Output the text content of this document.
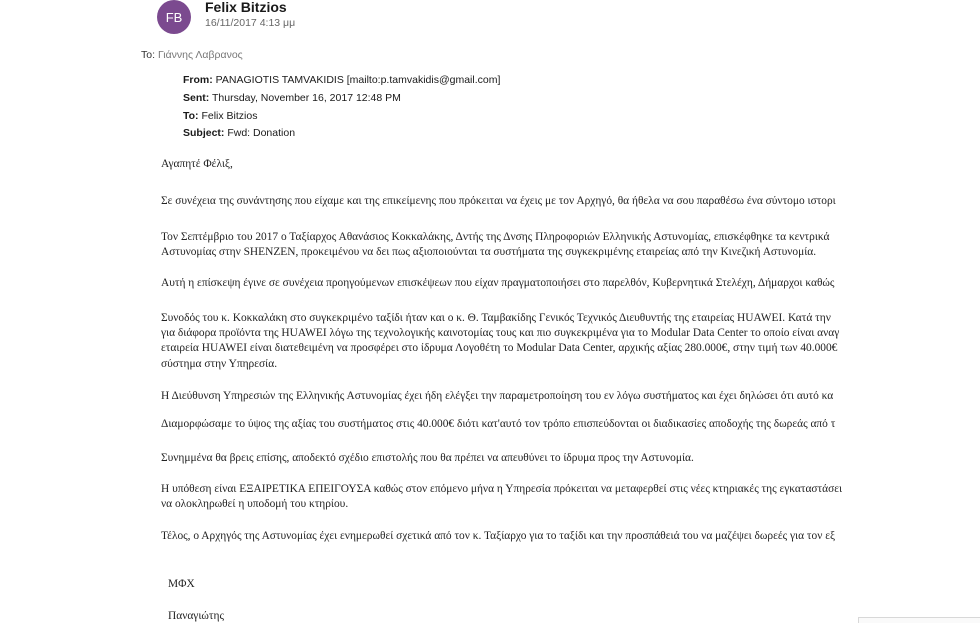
FB
Felix Bitzios
16/11/2017 4:13 μμ
To: Γιάννης Λαβρανος
From: PANAGIOTIS TAMVAKIDIS [mailto:p.tamvakidis@gmail.com]
Sent: Thursday, November 16, 2017 12:48 PM
To: Felix Bitzios
Subject: Fwd: Donation

Αγαπητέ Φέλιξ,

Σε συνέχεια της συνάντησης που είχαμε και της επικείμενης που πρόκειται να έχεις με τον Αρχηγό, θα ήθελα να σου παραθέσω ένα σύντομο ιστορι

Τον Σεπτέμβριο του 2017 ο Ταξίαρχος Αθανάσιος Κοκκαλάκης, Δντής της Δνσης Πληροφοριών Ελληνικής Αστυνομίας, επισκέφθηκε τα κεντρικά

Αστυνομίας στην SHENZEN, προκειμένου να δει πως αξιοποιούνται τα συστήματα της συγκεκριμένης εταιρείας από την Κινεζική Αστυνομία.

Αυτή η επίσκεψη έγινε σε συνέχεια προηγούμενων επισκέψεων που είχαν πραγματοποιήσει στο παρελθόν, Κυβερνητικά Στελέχη, Δήμαρχοι καθώς

Συνοδός του κ. Κοκκαλάκη στο συγκεκριμένο ταξίδι ήταν και ο κ. Θ. Ταμβακίδης Γενικός Τεχνικός Διευθυντής της εταιρείας HUAWEI. Κατά την

για διάφορα προϊόντα της HUAWEI λόγω της τεχνολογικής καινοτομίας τους και πιο συγκεκριμένα για το Modular Data Center το οποίο είναι αναγ

εταιρεία HUAWEI είναι διατεθειμένη να προσφέρει στο ίδρυμα Λογοθέτη το Modular Data Center, αρχικής αξίας 280.000€, στην τιμή των 40.000€

σύστημα στην Υπηρεσία.

Η Διεύθυνση Υπηρεσιών της Ελληνικής Αστυνομίας έχει ήδη ελέγξει την παραμετροποίηση του εν λόγω συστήματος και έχει δηλώσει ότι αυτό κα

Διαμορφώσαμε το ύψος της αξίας του συστήματος στις 40.000€ διότι κατ'αυτό τον τρόπο επισπεύδονται οι διαδικασίες αποδοχής της δωρεάς από τ

Συνημμένα θα βρεις επίσης, αποδεκτό σχέδιο επιστολής που θα πρέπει να απευθύνει το ίδρυμα προς την Αστυνομία.

Η υπόθεση είναι ΕΞΑΙΡΕΤΙΚΑ ΕΠΕΙΓΟΥΣΑ καθώς στον επόμενο μήνα η Υπηρεσία πρόκειται να μεταφερθεί στις νέες κτηριακές της εγκαταστάσει

να ολοκληρωθεί η υποδομή του κτηρίου.

Τέλος, ο Αρχηγός της Αστυνομίας έχει ενημερωθεί σχετικά από τον κ. Ταξίαρχο για το ταξίδι και την προσπάθειά του να μαζέψει δωρεές για τον εξ

ΜΦΧ

Παναγιώτης
